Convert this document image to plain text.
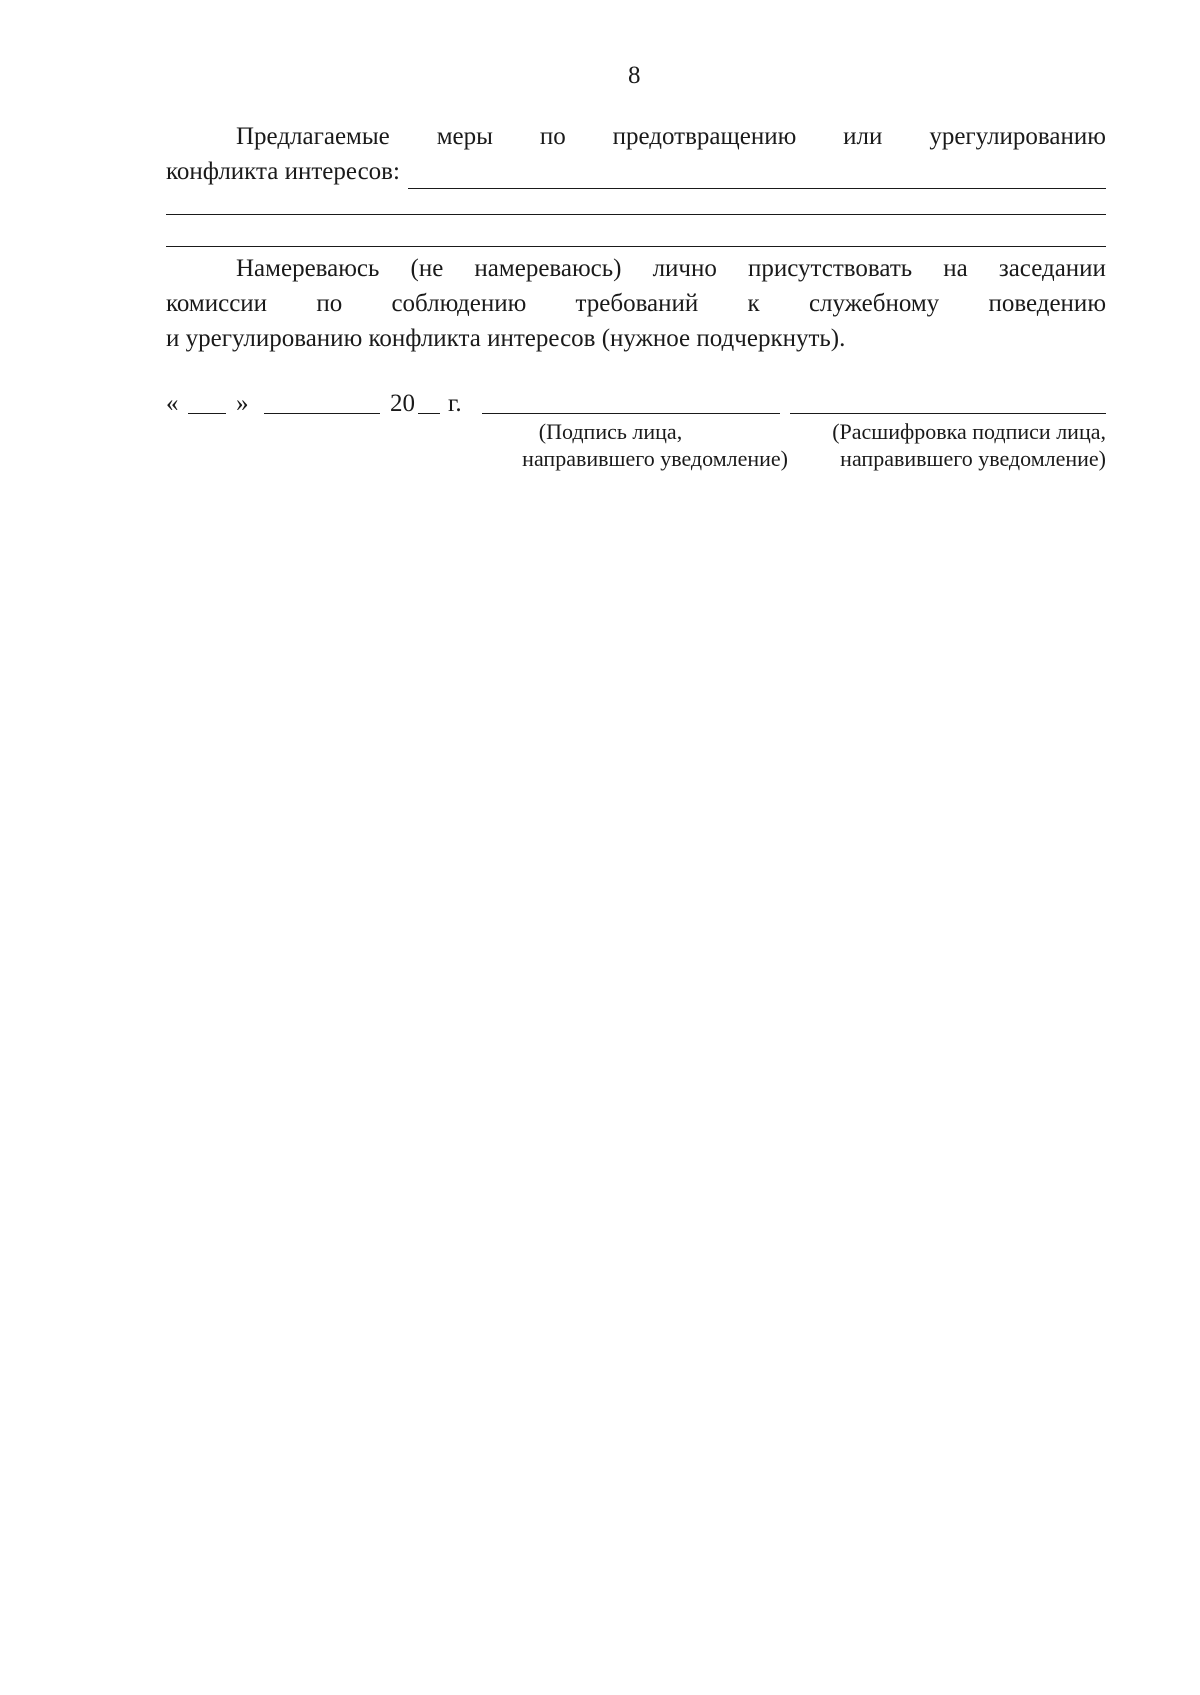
8
Предлагаемые меры по предотвращению или урегулированию
конфликта интересов:
Намереваюсь (не намереваюсь) лично присутствовать на заседании
комиссии по соблюдению требований к служебному поведению
и урегулированию конфликта интересов (нужное подчеркнуть).
« »	20 г.
(Подпись лица,
направившего уведомление)
(Расшифровка подписи лица,
направившего уведомление)
